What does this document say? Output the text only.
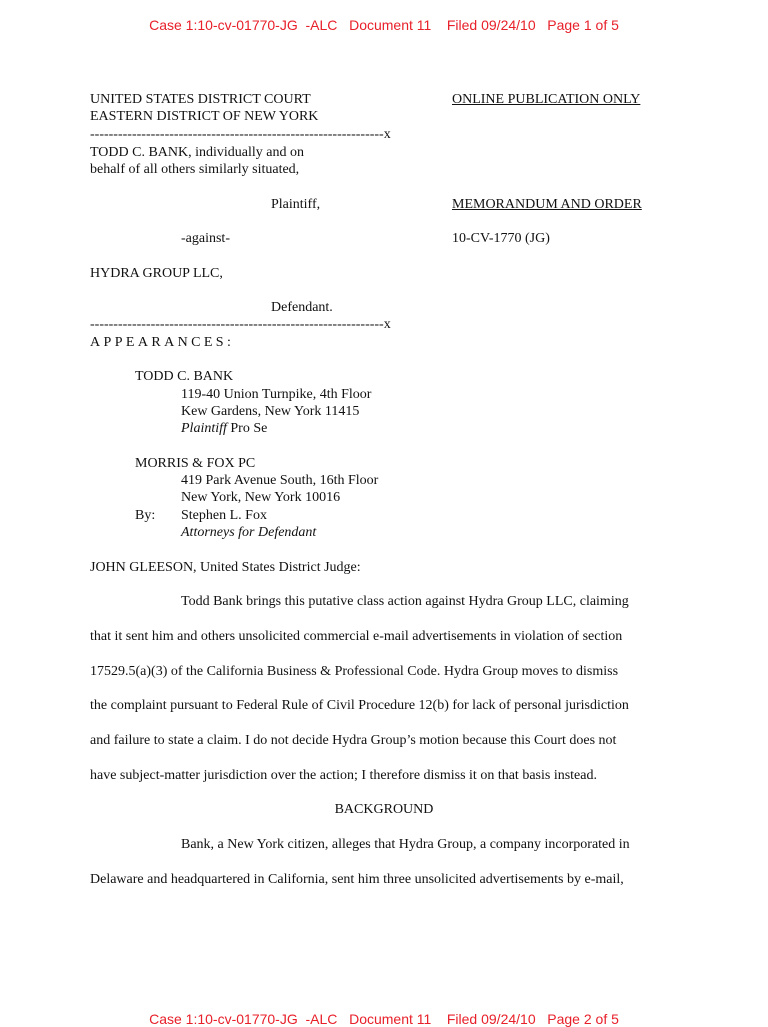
Case 1:10-cv-01770-JG  -ALC   Document 11    Filed 09/24/10   Page 1 of 5
UNITED STATES DISTRICT COURT
EASTERN DISTRICT OF NEW YORK
ONLINE PUBLICATION ONLY
---------------------------------------------------------------x
TODD C. BANK, individually and on
behalf of all others similarly situated,
Plaintiff,	MEMORANDUM AND ORDER
-against-	10-CV-1770 (JG)
HYDRA GROUP LLC,
Defendant.
---------------------------------------------------------------x
APPEARANCES:
TODD C. BANK
119-40 Union Turnpike, 4th Floor
Kew Gardens, New York 11415
Plaintiff Pro Se
MORRIS & FOX PC
419 Park Avenue South, 16th Floor
New York, New York 10016
By: Stephen L. Fox
Attorneys for Defendant
JOHN GLEESON, United States District Judge:
Todd Bank brings this putative class action against Hydra Group LLC, claiming
that it sent him and others unsolicited commercial e-mail advertisements in violation of section
17529.5(a)(3) of the California Business & Professional Code. Hydra Group moves to dismiss
the complaint pursuant to Federal Rule of Civil Procedure 12(b) for lack of personal jurisdiction
and failure to state a claim. I do not decide Hydra Group’s motion because this Court does not
have subject-matter jurisdiction over the action; I therefore dismiss it on that basis instead.
BACKGROUND
Bank, a New York citizen, alleges that Hydra Group, a company incorporated in
Delaware and headquartered in California, sent him three unsolicited advertisements by e-mail,
Case 1:10-cv-01770-JG  -ALC   Document 11    Filed 09/24/10   Page 2 of 5
